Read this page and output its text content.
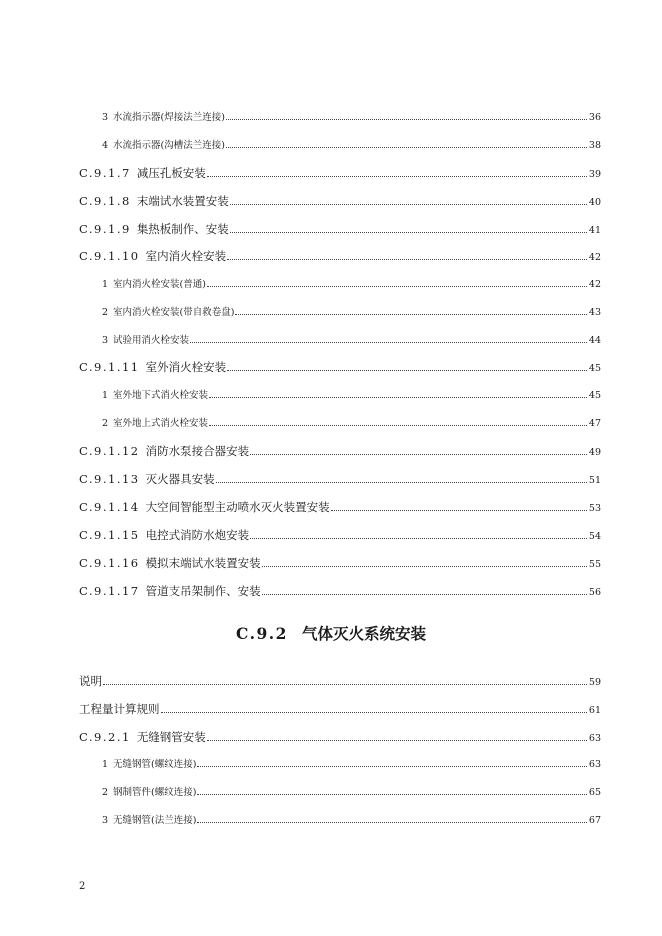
3 水流指示器(焊接法兰连接)	36
4 水流指示器(沟槽法兰连接)	38
C.9.1.7 减压孔板安装	39
C.9.1.8 末端试水装置安装	40
C.9.1.9 集热板制作、安装	41
C.9.1.10 室内消火栓安装	42
1 室内消火栓安装(普通)	42
2 室内消火栓安装(带自救卷盘)	43
3 试验用消火栓安装	44
C.9.1.11 室外消火栓安装	45
1 室外地下式消火栓安装	45
2 室外地上式消火栓安装	47
C.9.1.12 消防水泵接合器安装	49
C.9.1.13 灭火器具安装	51
C.9.1.14 大空间智能型主动喷水灭火装置安装	53
C.9.1.15 电控式消防水炮安装	54
C.9.1.16 模拟末端试水装置安装	55
C.9.1.17 管道支吊架制作、安装	56
C.9.2 气体灭火系统安装
说明	59
工程量计算规则	61
C.9.2.1 无缝钢管安装	63
1 无缝钢管(螺纹连接)	63
2 钢制管件(螺纹连接)	65
3 无缝钢管(法兰连接)	67
2
